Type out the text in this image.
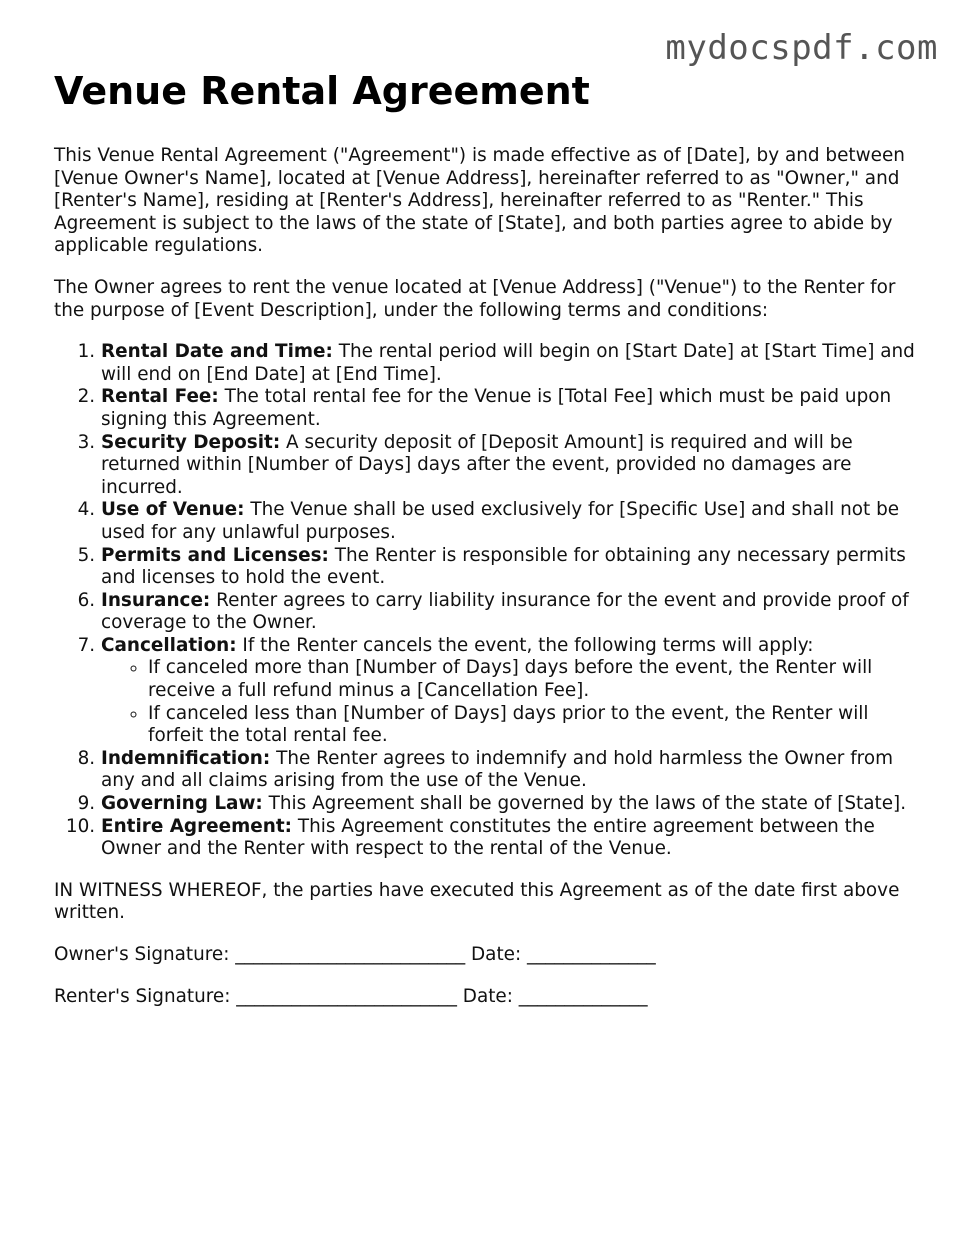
mydocspdf.com
Venue Rental Agreement

This Venue Rental Agreement ("Agreement") is made effective as of [Date], by and between [Venue Owner's Name], located at [Venue Address], hereinafter referred to as "Owner," and [Renter's Name], residing at [Renter's Address], hereinafter referred to as "Renter." This Agreement is subject to the laws of the state of [State], and both parties agree to abide by applicable regulations.

The Owner agrees to rent the venue located at [Venue Address] ("Venue") to the Renter for the purpose of [Event Description], under the following terms and conditions:

1. Rental Date and Time: The rental period will begin on [Start Date] at [Start Time] and will end on [End Date] at [End Time].
2. Rental Fee: The total rental fee for the Venue is [Total Fee] which must be paid upon signing this Agreement.
3. Security Deposit: A security deposit of [Deposit Amount] is required and will be returned within [Number of Days] days after the event, provided no damages are incurred.
4. Use of Venue: The Venue shall be used exclusively for [Specific Use] and shall not be used for any unlawful purposes.
5. Permits and Licenses: The Renter is responsible for obtaining any necessary permits and licenses to hold the event.
6. Insurance: Renter agrees to carry liability insurance for the event and provide proof of coverage to the Owner.
7. Cancellation: If the Renter cancels the event, the following terms will apply:
◦ If canceled more than [Number of Days] days before the event, the Renter will receive a full refund minus a [Cancellation Fee].
◦ If canceled less than [Number of Days] days prior to the event, the Renter will forfeit the total rental fee.
8. Indemnification: The Renter agrees to indemnify and hold harmless the Owner from any and all claims arising from the use of the Venue.
9. Governing Law: This Agreement shall be governed by the laws of the state of [State].
10. Entire Agreement: This Agreement constitutes the entire agreement between the Owner and the Renter with respect to the rental of the Venue.

IN WITNESS WHEREOF, the parties have executed this Agreement as of the date first above written.

Owner's Signature: _________________________ Date: ______________
Renter's Signature: ________________________ Date: ______________
